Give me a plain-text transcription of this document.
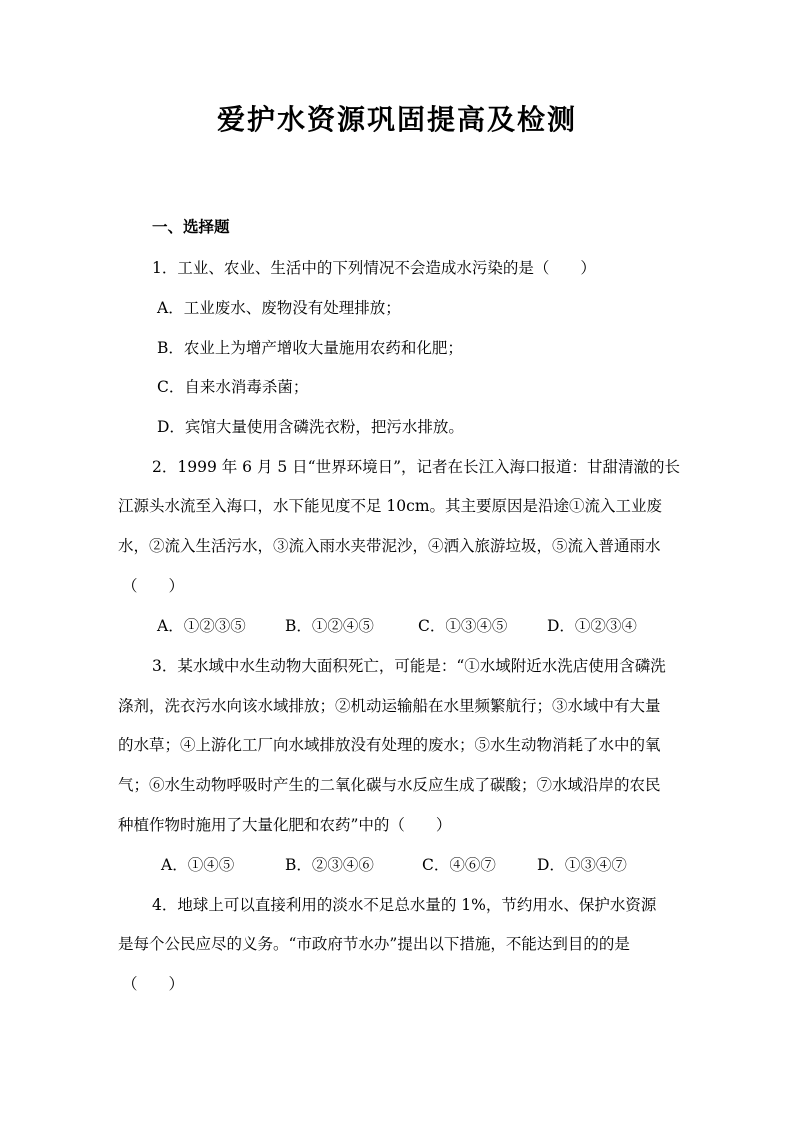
爱护水资源巩固提高及检测
一、选择题
1．工业、农业、生活中的下列情况不会造成水污染的是（　　）
A．工业废水、废物没有处理排放；
B．农业上为增产增收大量施用农药和化肥；
C．自来水消毒杀菌；
D．宾馆大量使用含磷洗衣粉，把污水排放。
2．1999 年 6 月 5 日“世界环境日”，记者在长江入海口报道：甘甜清澈的长
江源头水流至入海口，水下能见度不足 10cm。其主要原因是沿途①流入工业废
水，②流入生活污水，③流入雨水夹带泥沙，④洒入旅游垃圾，⑤流入普通雨水
（　　）
A．①②③⑤	B．①②④⑤	C．①③④⑤	D．①②③④
3．某水域中水生动物大面积死亡，可能是：“①水域附近水洗店使用含磷洗
涤剂，洗衣污水向该水域排放；②机动运输船在水里频繁航行；③水域中有大量
的水草；④上游化工厂向水域排放没有处理的废水；⑤水生动物消耗了水中的氧
气；⑥水生动物呼吸时产生的二氧化碳与水反应生成了碳酸；⑦水域沿岸的农民
种植作物时施用了大量化肥和农药”中的（　　）
A．①④⑤	B．②③④⑥	C．④⑥⑦	D．①③④⑦
4．地球上可以直接利用的淡水不足总水量的 1%，节约用水、保护水资源
是每个公民应尽的义务。“市政府节水办”提出以下措施，不能达到目的的是
（　　）
